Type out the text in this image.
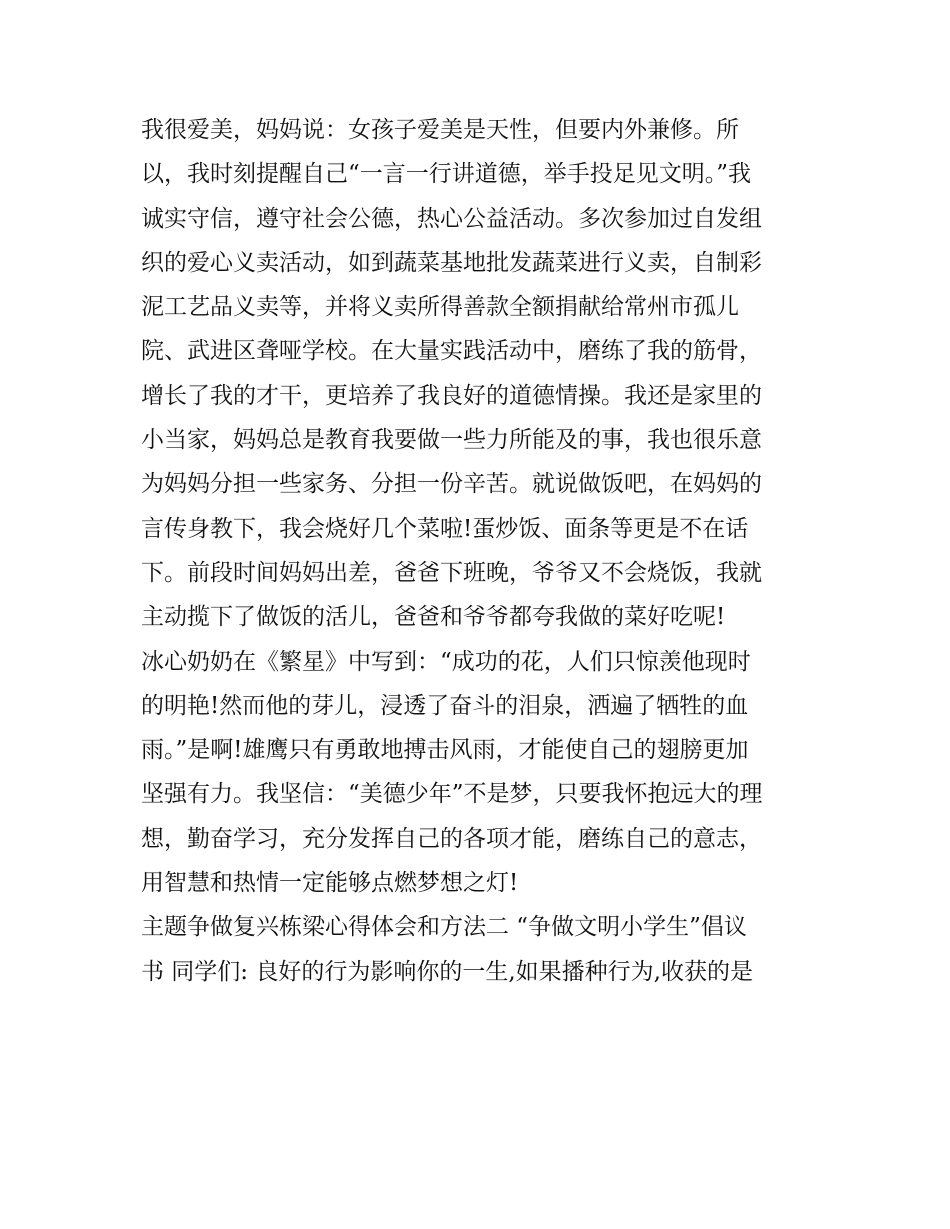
我很爱美，妈妈说：女孩子爱美是天性，但要内外兼修。所
以，我时刻提醒自己“一言一行讲道德，举手投足见文明。”我
诚实守信，遵守社会公德，热心公益活动。多次参加过自发组
织的爱心义卖活动，如到蔬菜基地批发蔬菜进行义卖，自制彩
泥工艺品义卖等，并将义卖所得善款全额捐献给常州市孤儿
院、武进区聋哑学校。在大量实践活动中，磨练了我的筋骨，
增长了我的才干，更培养了我良好的道德情操。我还是家里的
小当家，妈妈总是教育我要做一些力所能及的事，我也很乐意
为妈妈分担一些家务、分担一份辛苦。就说做饭吧，在妈妈的
言传身教下，我会烧好几个菜啦!蛋炒饭、面条等更是不在话
下。前段时间妈妈出差，爸爸下班晚，爷爷又不会烧饭，我就
主动揽下了做饭的活儿，爸爸和爷爷都夸我做的菜好吃呢!
冰心奶奶在《繁星》中写到：“成功的花，人们只惊羡他现时
的明艳!然而他的芽儿，浸透了奋斗的泪泉，洒遍了牺牲的血
雨。”是啊!雄鹰只有勇敢地搏击风雨，才能使自己的翅膀更加
坚强有力。我坚信：“美德少年”不是梦，只要我怀抱远大的理
想，勤奋学习，充分发挥自己的各项才能，磨练自己的意志，
用智慧和热情一定能够点燃梦想之灯!
主题争做复兴栋梁心得体会和方法二 “争做文明小学生”倡议
书 同学们: 良好的行为影响你的一生,如果播种行为,收获的是
